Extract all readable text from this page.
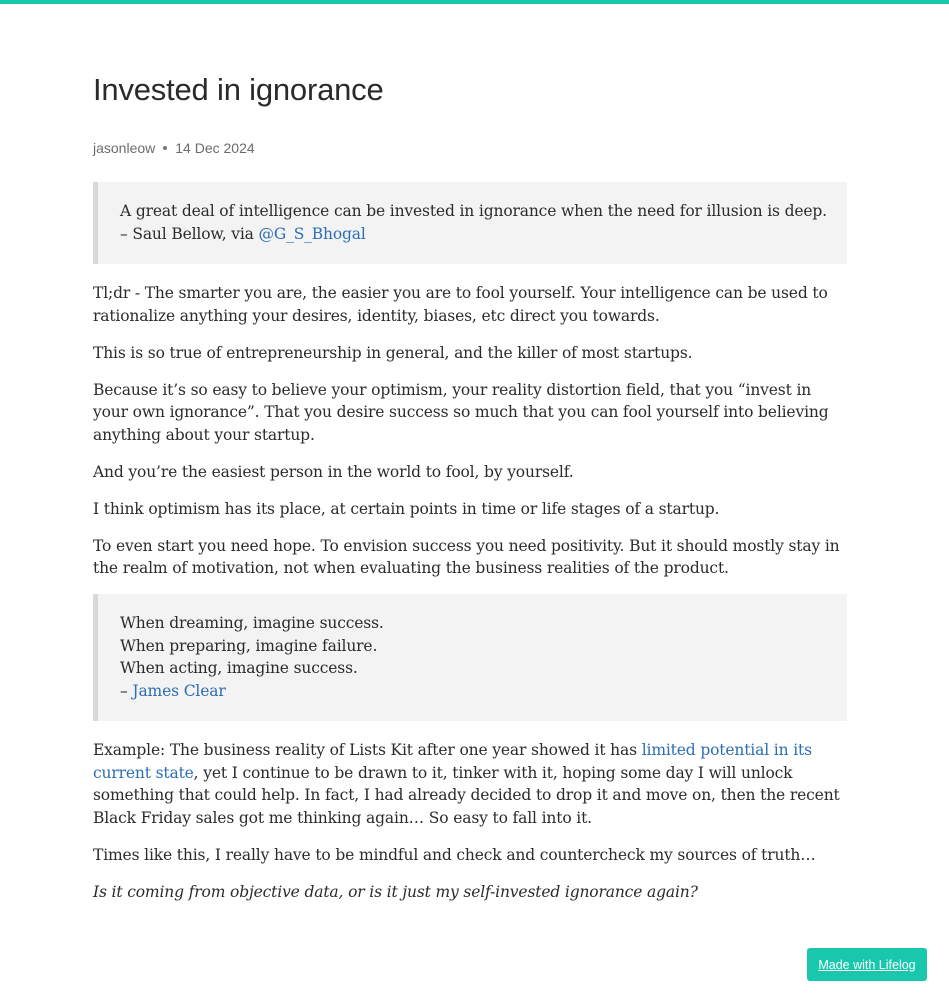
Invested in ignorance
jasonleow 14 Dec 2024

A great deal of intelligence can be invested in ignorance when the need for illusion is deep. – Saul Bellow, via @G_S_Bhogal

Tl;dr - The smarter you are, the easier you are to fool yourself. Your intelligence can be used to rationalize anything your desires, identity, biases, etc direct you towards.

This is so true of entrepreneurship in general, and the killer of most startups.

Because it’s so easy to believe your optimism, your reality distortion field, that you “invest in your own ignorance”. That you desire success so much that you can fool yourself into believing anything about your startup.

And you’re the easiest person in the world to fool, by yourself.

I think optimism has its place, at certain points in time or life stages of a startup.

To even start you need hope. To envision success you need positivity. But it should mostly stay in the realm of motivation, not when evaluating the business realities of the product.

When dreaming, imagine success.
When preparing, imagine failure.
When acting, imagine success.
– James Clear

Example: The business reality of Lists Kit after one year showed it has limited potential in its current state, yet I continue to be drawn to it, tinker with it, hoping some day I will unlock something that could help. In fact, I had already decided to drop it and move on, then the recent Black Friday sales got me thinking again… So easy to fall into it.

Times like this, I really have to be mindful and check and countercheck my sources of truth…

Is it coming from objective data, or is it just my self-invested ignorance again?

Made with Lifelog
